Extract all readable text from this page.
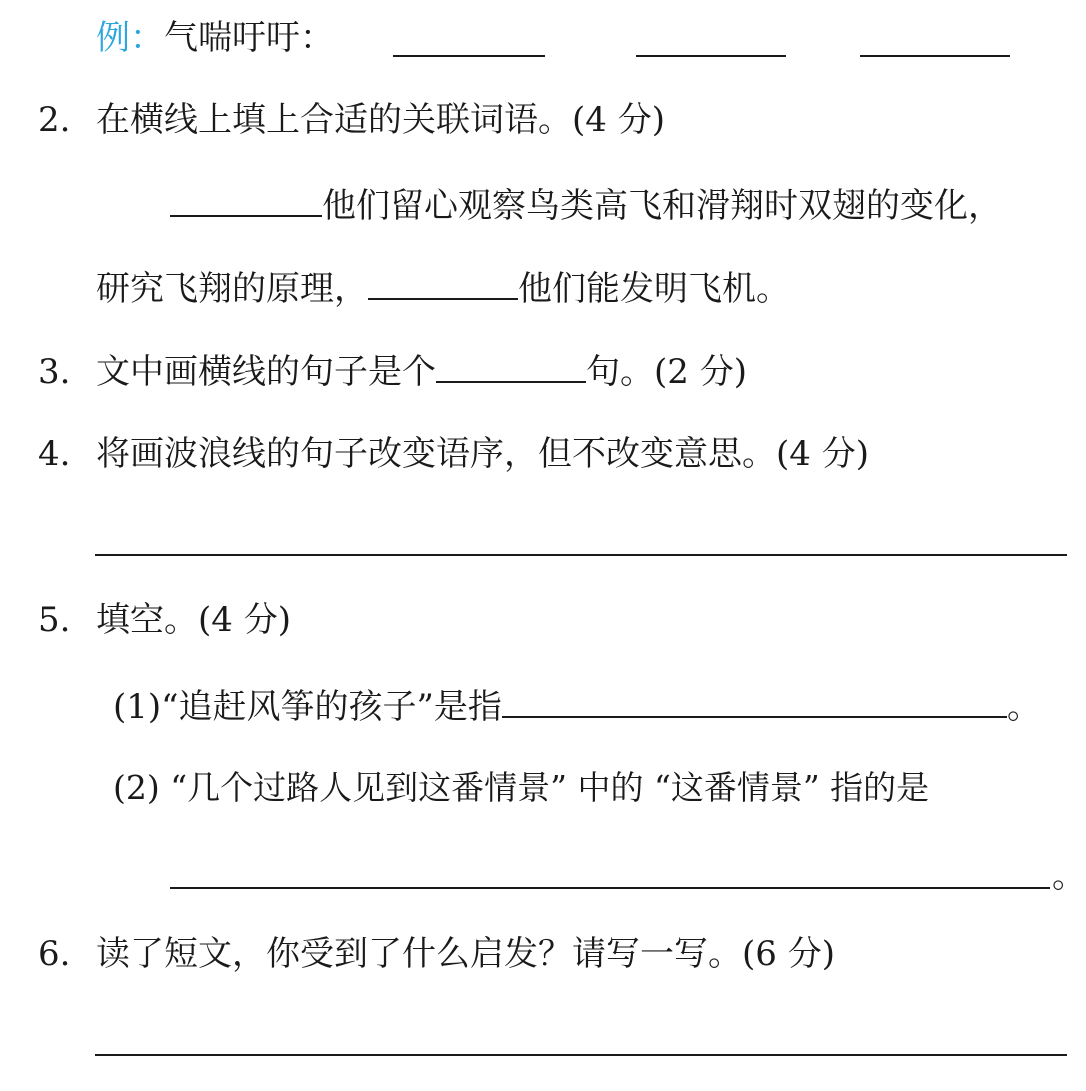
例：气喘吁吁：
2. 在横线上填上合适的关联词语。(4 分)
他们留心观察鸟类高飞和滑翔时双翅的变化，
研究飞翔的原理，	他们能发明飞机。
3. 文中画横线的句子是个	句。(2 分)
4. 将画波浪线的句子改变语序，但不改变意思。(4 分)
5. 填空。(4 分)
(1)“追赶风筝的孩子”是指	。
(2) “几个过路人见到这番情景” 中的 “这番情景” 指的是
。
6. 读了短文，你受到了什么启发？请写一写。(6 分)
